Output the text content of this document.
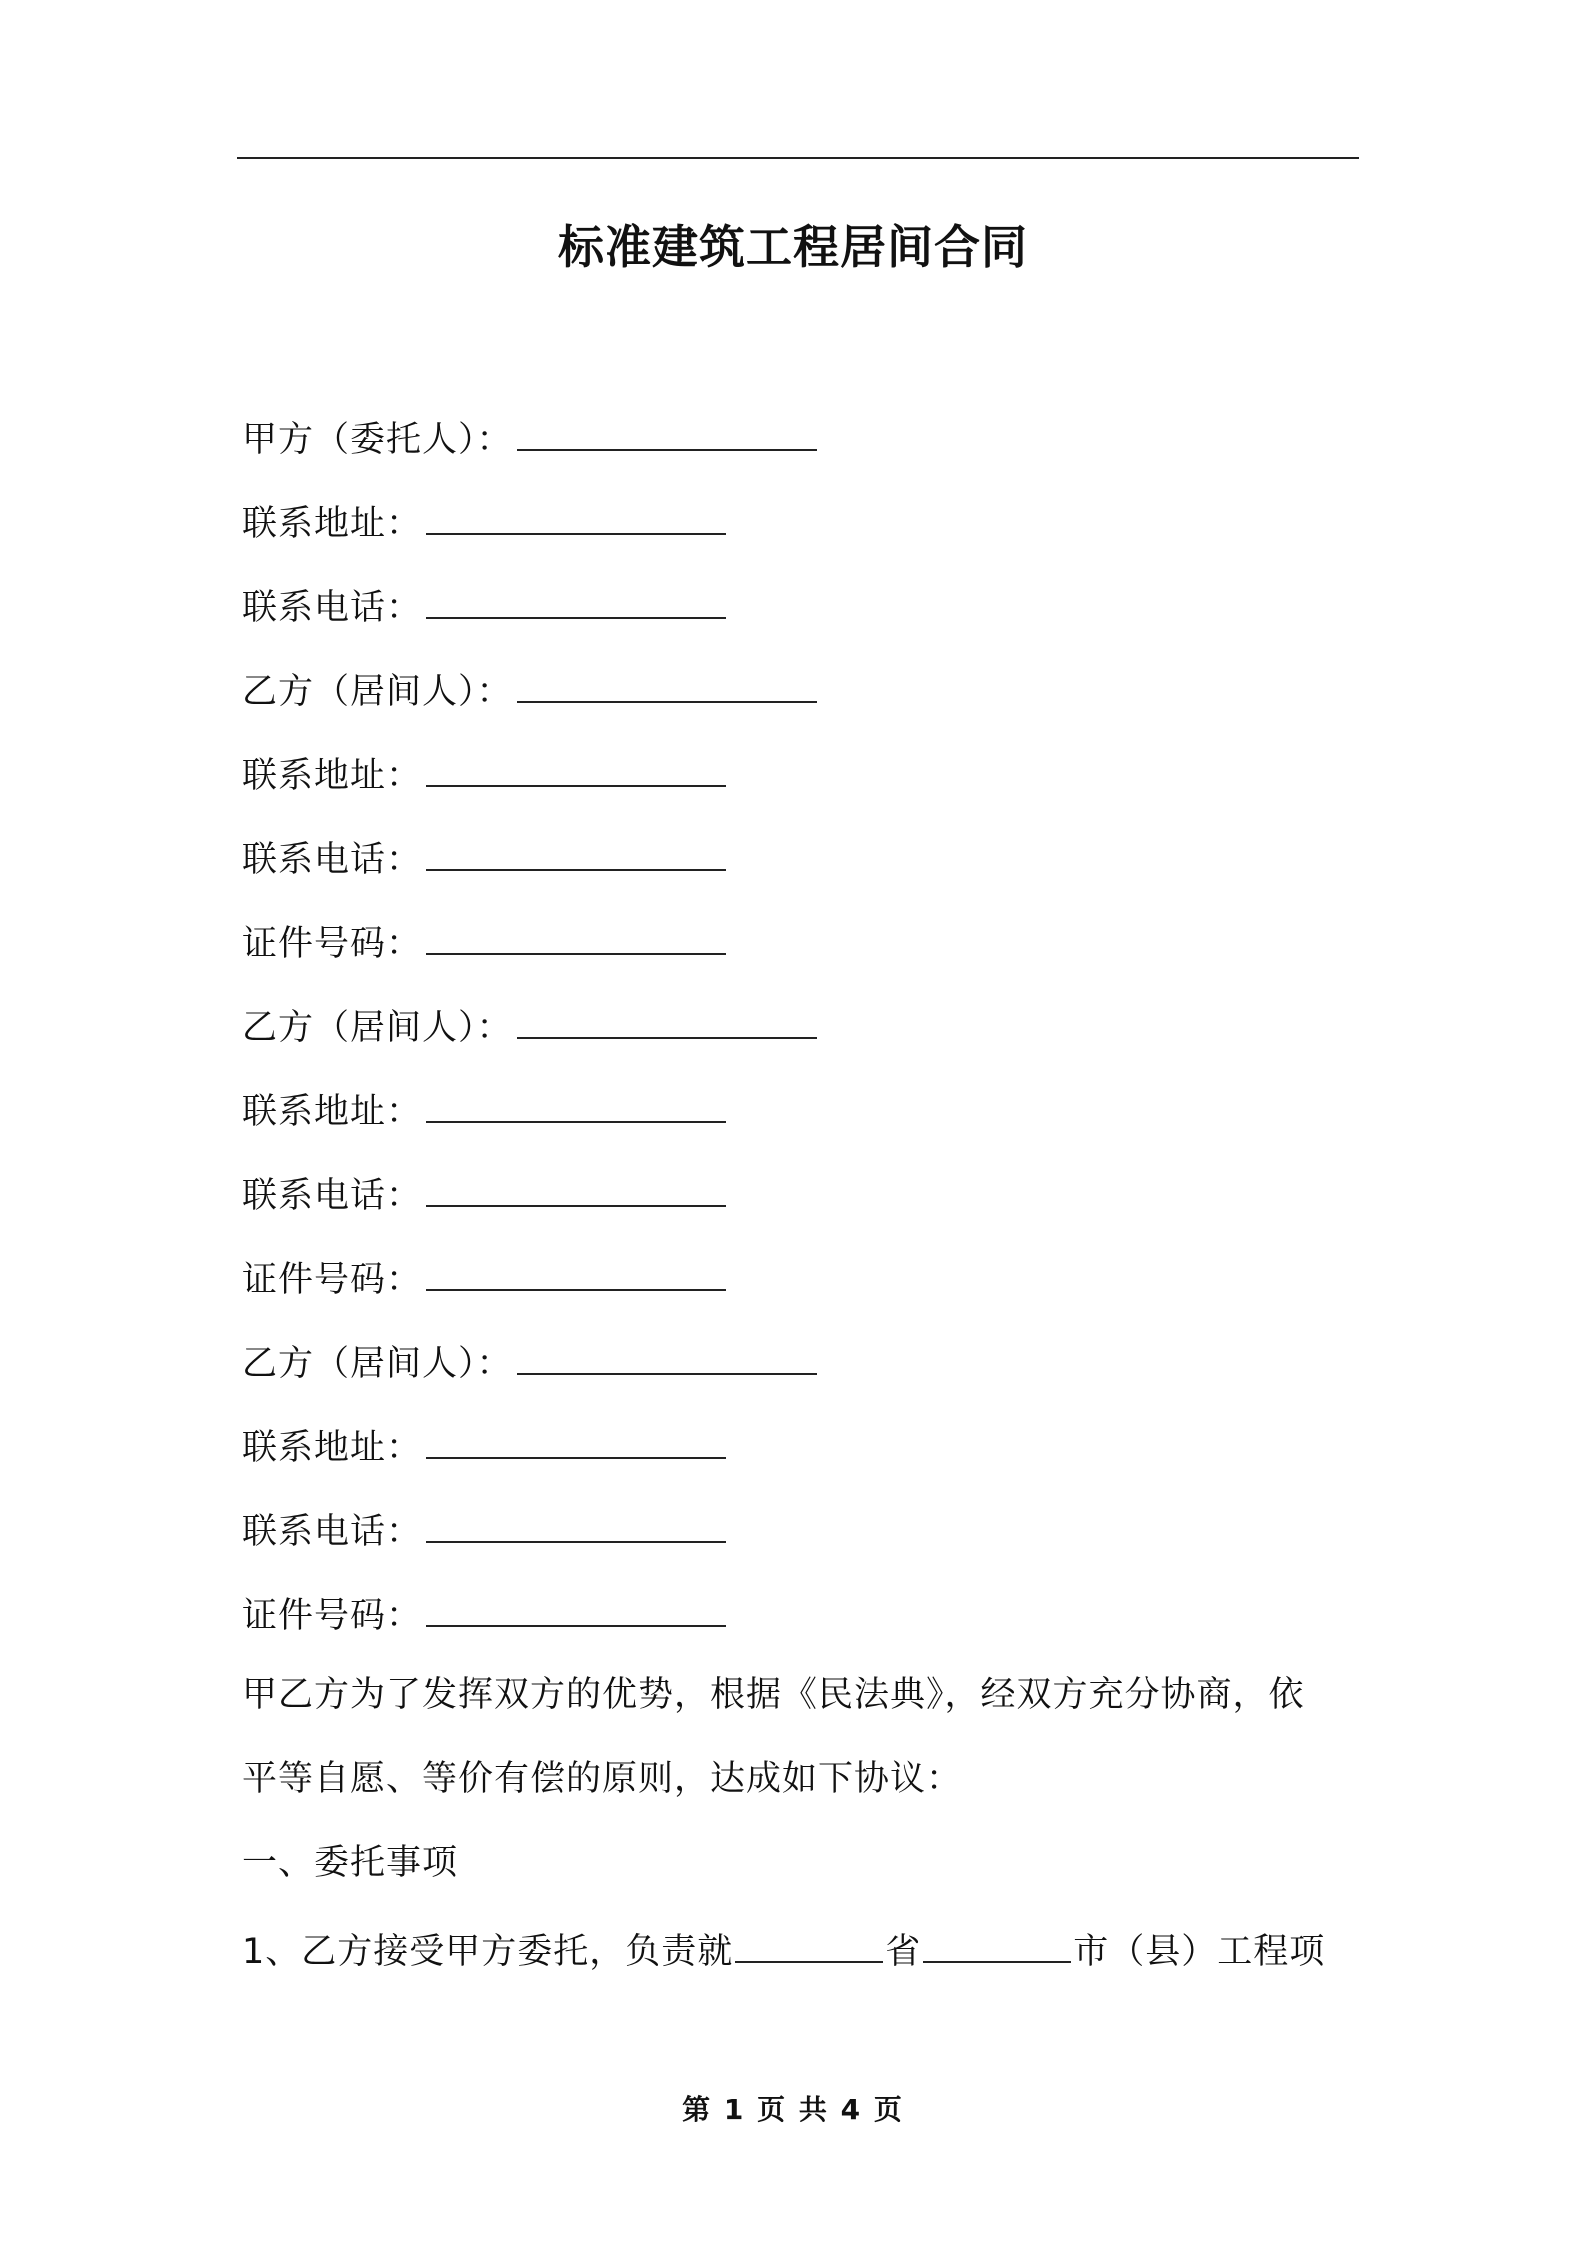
标准建筑工程居间合同
甲方（委托人）：
联系地址：
联系电话：
乙方（居间人）：
联系地址：
联系电话：
证件号码：
乙方（居间人）：
联系地址：
联系电话：
证件号码：
乙方（居间人）：
联系地址：
联系电话：
证件号码：
甲乙方为了发挥双方的优势，根据《民法典》，经双方充分协商，依
平等自愿、等价有偿的原则，达成如下协议：
一、委托事项
1、乙方接受甲方委托，负责就	省	市（县）工程项
第 1 页 共 4 页
